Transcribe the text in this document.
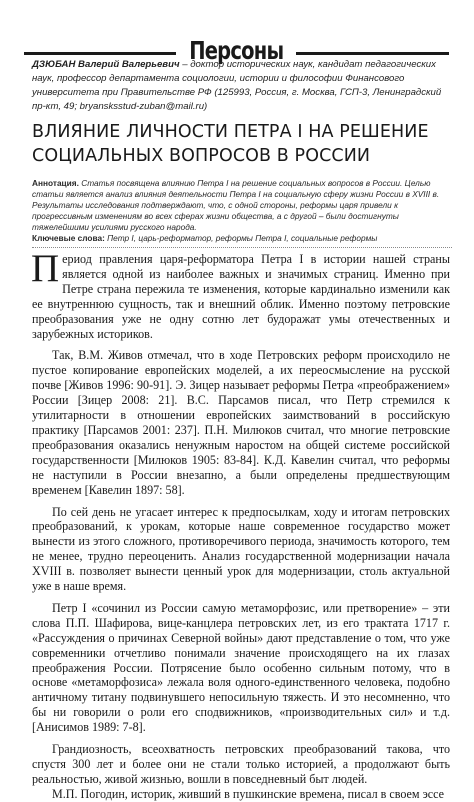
Персоны
ДЗЮБАН Валерий Валерьевич – доктор исторических наук, кандидат педагогических наук, профессор департамента социологии, истории и философии Финансового университета при Правительстве РФ (125993, Россия, г. Москва, ГСП-3, Ленинградский пр-кт, 49; bryansksstud-zuban@mail.ru)
ВЛИЯНИЕ ЛИЧНОСТИ ПЕТРА I НА РЕШЕНИЕ СОЦИАЛЬНЫХ ВОПРОСОВ В РОССИИ
Аннотация. Статья посвящена влиянию Петра I на решение социальных вопросов в России. Целью статьи является анализ влияния деятельности Петра I на социальную сферу жизни России в XVIII в. Результаты исследования подтверждают, что, с одной стороны, реформы царя привели к прогрессивным изменениям во всех сферах жизни общества, а с другой – были достигнуты тяжелейшими усилиями русского народа.
Ключевые слова: Петр I, царь-реформатор, реформы Петра I, социальные реформы

Период правления царя-реформатора Петра I в истории нашей страны является одной из наиболее важных и значимых страниц. Именно при Петре страна пережила те изменения, которые кардинально изменили как ее внутреннюю сущность, так и внешний облик. Именно поэтому петровские преобразования уже не одну сотню лет будоражат умы отечественных и зарубежных историков.

Так, В.М. Живов отмечал, что в ходе Петровских реформ происходило не пустое копирование европейских моделей, а их переосмысление на русской почве [Живов 1996: 90-91]. Э. Зицер называет реформы Петра «преображением» России [Зицер 2008: 21]. В.С. Парсамов писал, что Петр стремился к утилитарности в отношении европейских заимствований в российскую практику [Парсамов 2001: 237]. П.Н. Милюков считал, что многие петровские преобразования оказались ненужным наростом на общей системе российской государственности [Милюков 1905: 83-84]. К.Д. Кавелин считал, что реформы не наступили в России внезапно, а были определены предшествующим временем [Кавелин 1897: 58].

По сей день не угасает интерес к предпосылкам, ходу и итогам петровских преобразований, к урокам, которые наше современное государство может вынести из этого сложного, противоречивого периода, значимость которого, тем не менее, трудно переоценить. Анализ государственной модернизации начала XVIII в. позволяет вынести ценный урок для модернизации, столь актуальной уже в наше время.

Петр I «сочинил из России самую метаморфозис, или претворение» – эти слова П.П. Шафирова, вице-канцлера петровских лет, из его трактата 1717 г. «Рассуждения о причинах Северной войны» дают представление о том, что уже современники отчетливо понимали значение происходящего на их глазах преображения России. Потрясение было особенно сильным потому, что в основе «метаморфозиса» лежала воля одного-единственного человека, подобно античному титану подвинувшего непосильную тяжесть. И это несомненно, что бы ни говорили о роли его сподвижников, «производительных сил» и т.д. [Анисимов 1989: 7-8].

Грандиозность, всеохватность петровских преобразований такова, что спустя 300 лет и более они не стали только историей, а продолжают быть реальностью, живой жизнью, вошли в повседневный быт людей.

М.П. Погодин, историк, живший в пушкинские времена, писал в своем эссе
